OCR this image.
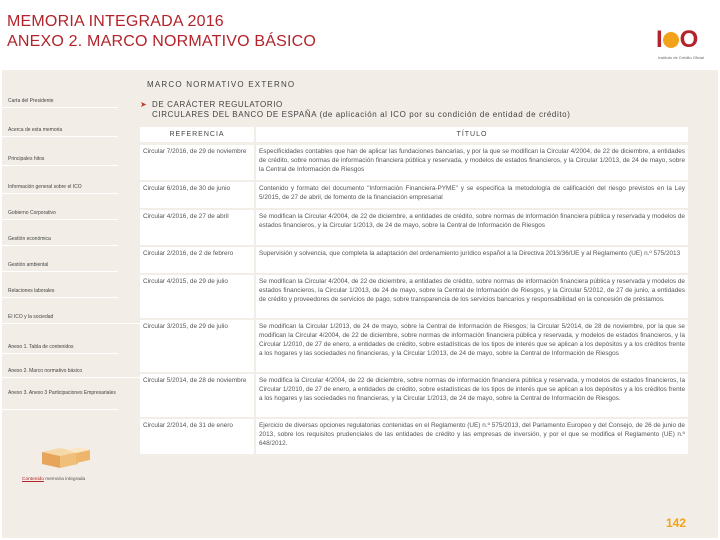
MEMORIA INTEGRADA 2016
ANEXO 2. MARCO NORMATIVO BÁSICO	I O
Instituto de Crédito Oficial
MARCO NORMATIVO EXTERNO
Carta del Presidente
Acerca de esta memoria
Principales hitos
Información general sobre el ICO
Gobierno Corporativo
Gestión económica
Gestión ambiental
Relaciones laborales
El ICO y la sociedad
Anexo 1. Tabla de contenidos
Anexo 2. Marco normativo básico
Anexo 3. Anexo 3 Participaciones Empresariales
➤ DE CARÁCTER REGULATORIO
CIRCULARES DEL BANCO DE ESPAÑA (de aplicación al ICO por su condición de entidad de crédito)
REFERENCIA	TÍTULO
Circular 7/2016, de 29 de noviembre	Especificidades contables que han de aplicar las fundaciones bancarias, y por la que se modifican la Circular 4/2004, de 22 de diciembre, a entidades de crédito, sobre normas de información financiera pública y reservada, y modelos de estados financieros, y la Circular 1/2013, de 24 de mayo, sobre la Central de Información de Riesgos
Circular 6/2016, de 30 de junio	Contenido y formato del documento "Información Financiera-PYME" y se especifica la metodología de calificación del riesgo previstos en la Ley 5/2015, de 27 de abril, de fomento de la financiación empresarial
Circular 4/2016, de 27 de abril	Se modifican la Circular 4/2004, de 22 de diciembre, a entidades de crédito, sobre normas de información financiera pública y reservada y modelos de estados financieros, y la Circular 1/2013, de 24 de mayo, sobre la Central de Información de Riesgos
Circular 2/2016, de 2 de febrero	Supervisión y solvencia, que completa la adaptación del ordenamiento jurídico español a la Directiva 2013/36/UE y al Reglamento (UE) n.º 575/2013
Circular 4/2015, de 29 de julio	Se modifican la Circular 4/2004, de 22 de diciembre, a entidades de crédito, sobre normas de información financiera pública y reservada y modelos de estados financieros, la Circular 1/2013, de 24 de mayo, sobre la Central de Información de Riesgos, y la Circular 5/2012, de 27 de junio, a entidades de crédito y proveedores de servicios de pago, sobre transparencia de los servicios bancarios y responsabilidad en la concesión de préstamos.
Circular 3/2015, de 29 de julio	Se modifican la Circular 1/2013, de 24 de mayo, sobre la Central de Información de Riesgos; la Circular 5/2014, de 28 de noviembre, por la que se modifican la Circular 4/2004, de 22 de diciembre, sobre normas de información financiera pública y reservada, y modelos de estados financieros, y la Circular 1/2010, de 27 de enero, a entidades de crédito, sobre estadísticas de los tipos de interés que se aplican a los depósitos y a los créditos frente a los hogares y las sociedades no financieras, y la Circular 1/2013, de 24 de mayo, sobre la Central de Información de Riesgos
Circular 5/2014, de 28 de noviembre	Se modifica la Circular 4/2004, de 22 de diciembre, sobre normas de información financiera pública y reservada, y modelos de estados financieros, la Circular 1/2010, de 27 de enero, a entidades de crédito, sobre estadísticas de los tipos de interés que se aplican a los depósitos y a los créditos frente a los hogares y las sociedades no financieras, y la Circular 1/2013, de 24 de mayo, sobre la Central de Información de Riesgos.
Circular 2/2014, de 31 de enero	Ejercicio de diversas opciones regulatorias contenidas en el Reglamento (UE) n.º 575/2013, del Parlamento Europeo y del Consejo, de 26 de junio de 2013, sobre los requisitos prudenciales de las entidades de crédito y las empresas de inversión, y por el que se modifica el Reglamento (UE) n.º 648/2012.
Contenido memoria integrada
142
